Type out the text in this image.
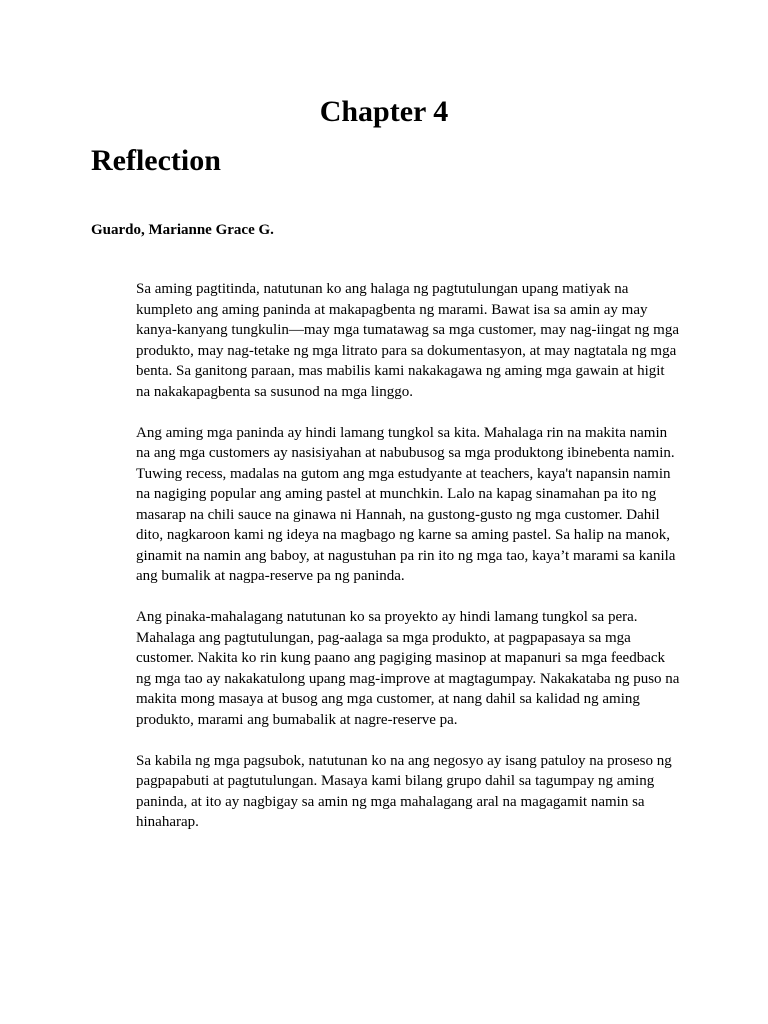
Chapter 4
Reflection

Guardo, Marianne Grace G.

Sa aming pagtitinda, natutunan ko ang halaga ng pagtutulungan upang matiyak na kumpleto ang aming paninda at makapagbenta ng marami. Bawat isa sa amin ay may kanya-kanyang tungkulin—may mga tumatawag sa mga customer, may nag-iingat ng mga produkto, may nag-tetake ng mga litrato para sa dokumentasyon, at may nagtatala ng mga benta. Sa ganitong paraan, mas mabilis kami nakakagawa ng aming mga gawain at higit na nakakapagbenta sa susunod na mga linggo.

Ang aming mga paninda ay hindi lamang tungkol sa kita. Mahalaga rin na makita namin na ang mga customers ay nasisiyahan at nabubusog sa mga produktong ibinebenta namin. Tuwing recess, madalas na gutom ang mga estudyante at teachers, kaya't napansin namin na nagiging popular ang aming pastel at munchkin. Lalo na kapag sinamahan pa ito ng masarap na chili sauce na ginawa ni Hannah, na gustong-gusto ng mga customer. Dahil dito, nagkaroon kami ng ideya na magbago ng karne sa aming pastel. Sa halip na manok, ginamit na namin ang baboy, at nagustuhan pa rin ito ng mga tao, kaya’t marami sa kanila ang bumalik at nagpa-reserve pa ng paninda.

Ang pinaka-mahalagang natutunan ko sa proyekto ay hindi lamang tungkol sa pera. Mahalaga ang pagtutulungan, pag-aalaga sa mga produkto, at pagpapasaya sa mga customer. Nakita ko rin kung paano ang pagiging masinop at mapanuri sa mga feedback ng mga tao ay nakakatulong upang mag-improve at magtagumpay. Nakakataba ng puso na makita mong masaya at busog ang mga customer, at nang dahil sa kalidad ng aming produkto, marami ang bumabalik at nagre-reserve pa.

Sa kabila ng mga pagsubok, natutunan ko na ang negosyo ay isang patuloy na proseso ng pagpapabuti at pagtutulungan. Masaya kami bilang grupo dahil sa tagumpay ng aming paninda, at ito ay nagbigay sa amin ng mga mahalagang aral na magagamit namin sa hinaharap.
